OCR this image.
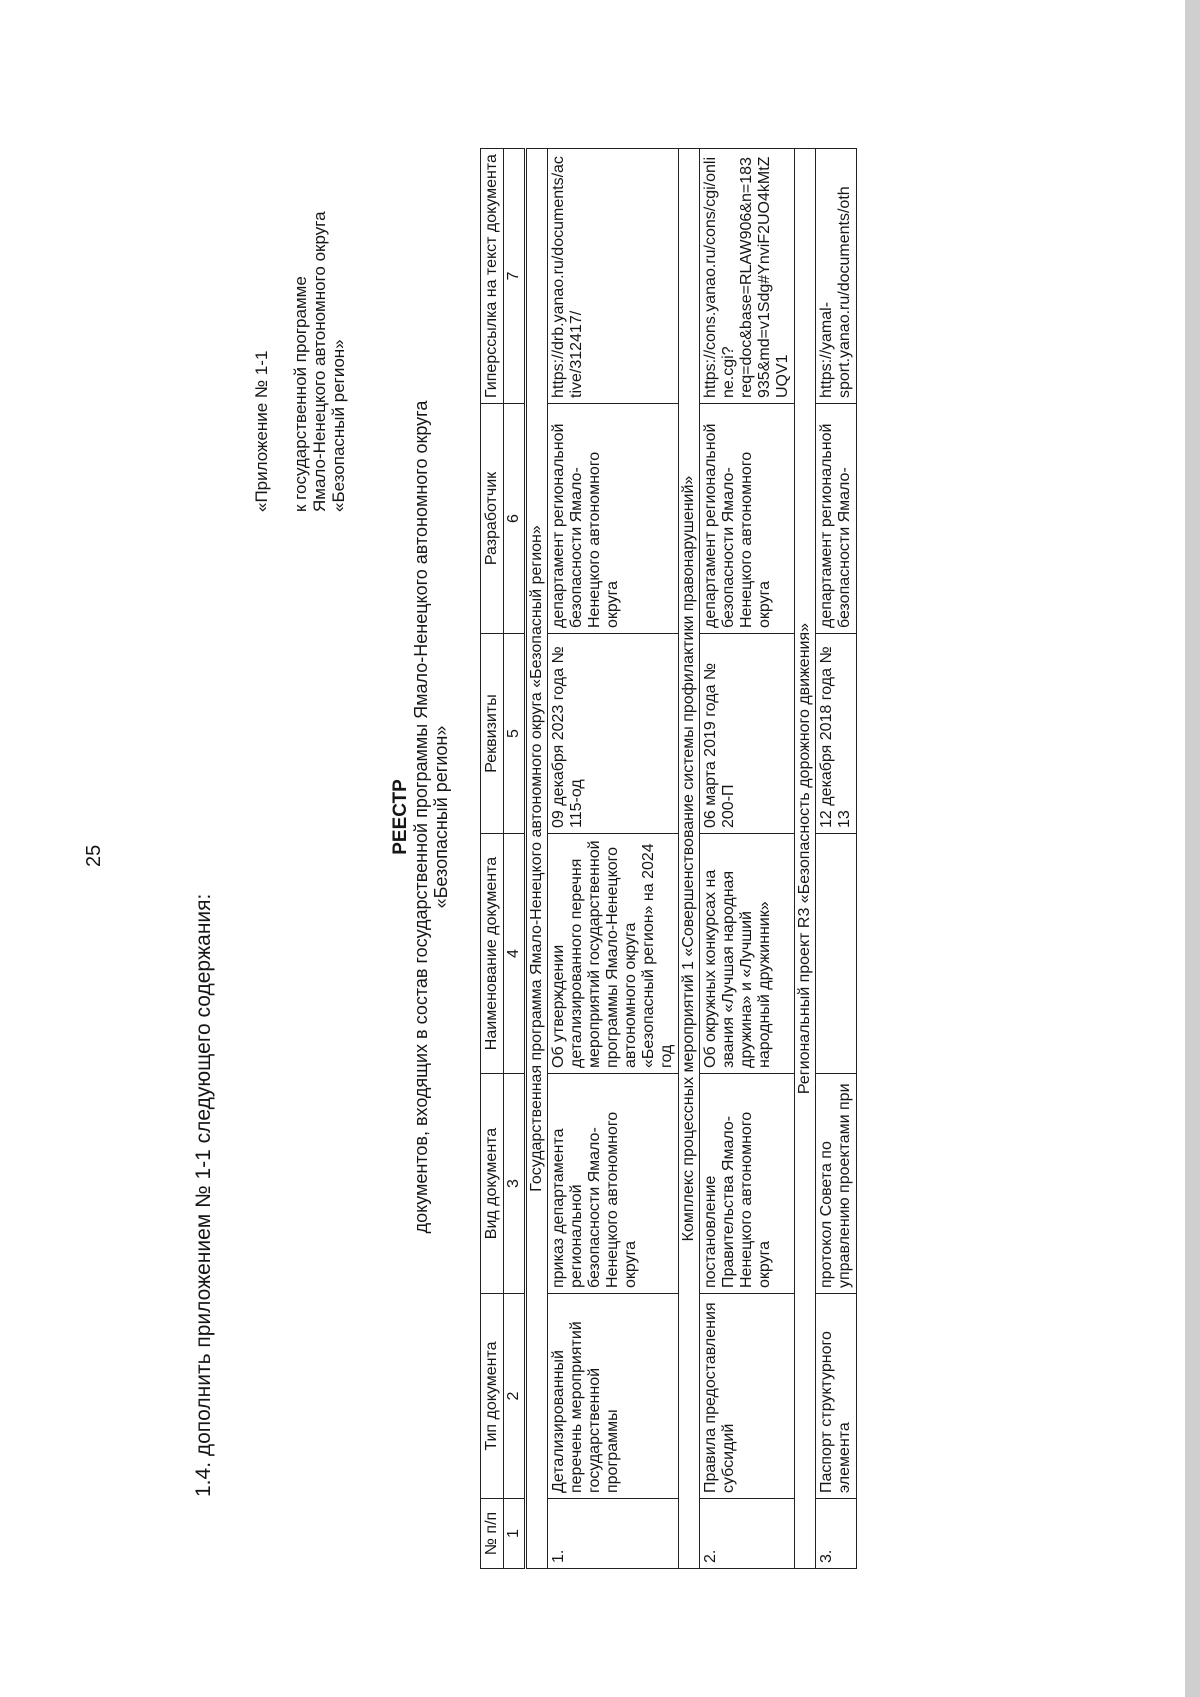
25
1.4. дополнить приложением № 1-1 следующего содержания:
«Приложение № 1-1 к государственной программе Ямало-Ненецкого автономного округа «Безопасный регион»
РЕЕСТР документов, входящих в состав государственной программы Ямало-Ненецкого автономного округа «Безопасный регион»
№ п/п	Тип документа	Вид документа	Наименование документа	Реквизиты	Разработчик	Гиперссылка на текст документа
1	2	3	4	5	6	7
Государственная программа Ямало-Ненецкого автономного округа «Безопасный регион»						
1.	Детализированный перечень мероприятий государственной программы	приказ департамента региональной безопасности Ямало-Ненецкого автономного округа	Об утверждении детализированного перечня мероприятий государственной программы Ямало-Ненецкого автономного округа «Безопасный регион» на 2024 год	09 декабря 2023 года № 115-од	департамент региональной безопасности Ямало-Ненецкого автономного округа	https://drb.yanao.ru/documents/active/312417/
Комплекс процессных мероприятий 1 «Совершенствование системы профилактики правонарушений»						
2.	Правила предоставления субсидий	постановление Правительства Ямало-Ненецкого автономного округа	Об окружных конкурсах на звания «Лучшая народная дружина» и «Лучший народный дружинник»	06 марта 2019 года № 200-П	департамент региональной безопасности Ямало-Ненецкого автономного округа	https://cons.yanao.ru/cons/cgi/online.cgi?req=doc&base=RLAW906&n=183935&md=v1Sdg#YnviF2UO4kMtZUQV1
Региональный проект R3 «Безопасность дорожного движения»						
3.	Паспорт структурного элемента	протокол Совета по управлению проектами при		12 декабря 2018 года № 13	департамент региональной безопасности Ямало-	https://yamal-sport.yanao.ru/documents/oth
